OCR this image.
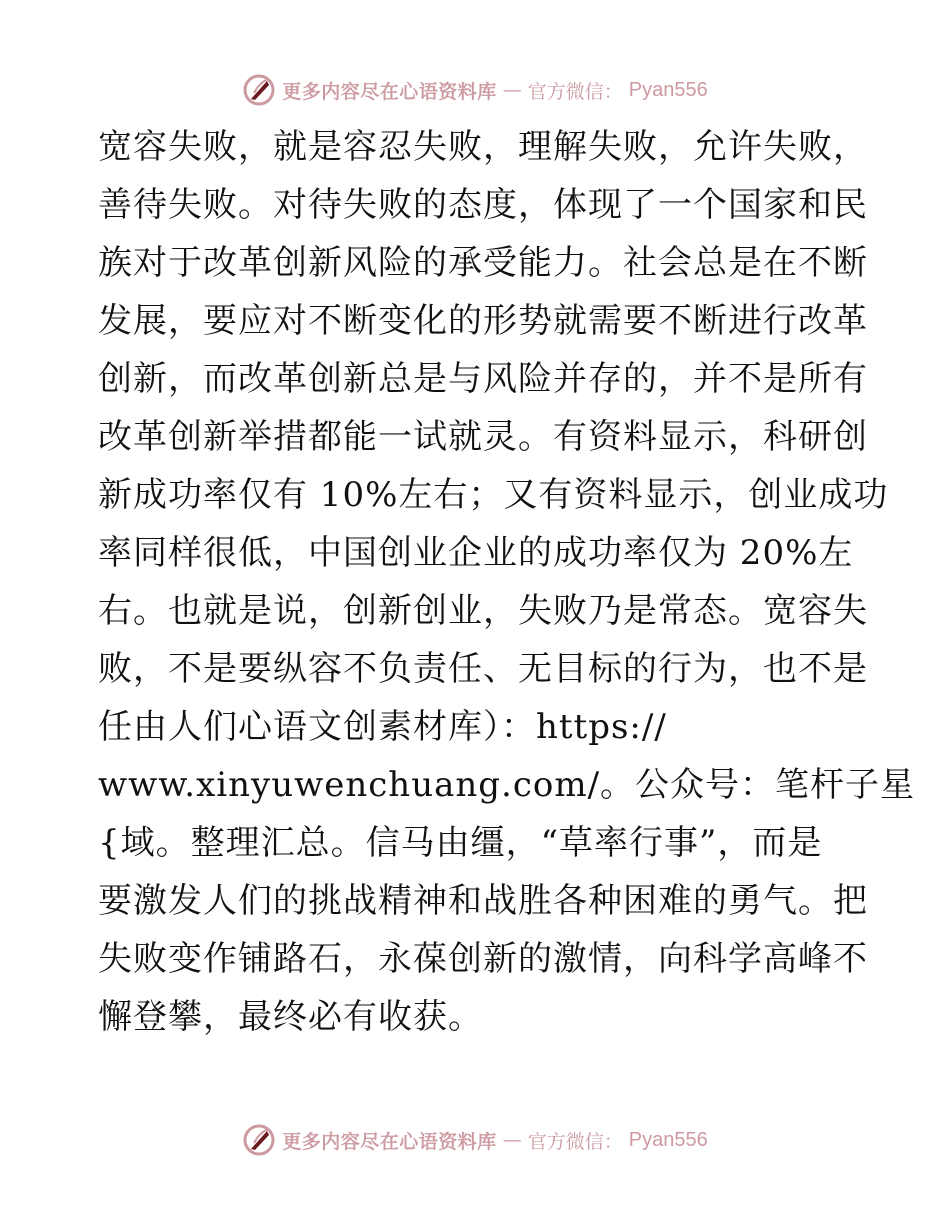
更多内容尽在心语资料库 — 官方微信： Pyan556
宽容失败，就是容忍失败，理解失败，允许失败，
善待失败。对待失败的态度，体现了一个国家和民
族对于改革创新风险的承受能力。社会总是在不断
发展，要应对不断变化的形势就需要不断进行改革
创新，而改革创新总是与风险并存的，并不是所有
改革创新举措都能一试就灵。有资料显示，科研创
新成功率仅有 10%左右；又有资料显示，创业成功
率同样很低，中国创业企业的成功率仅为 20%左
右。也就是说，创新创业，失败乃是常态。宽容失
败，不是要纵容不负责任、无目标的行为，也不是
任由人们心语文创素材库）：https://
www.xinyuwenchuang.com/。公众号：笔杆子星
{域。整理汇总。信马由缰，“草率行事”，而是
要激发人们的挑战精神和战胜各种困难的勇气。把
失败变作铺路石，永葆创新的激情，向科学高峰不
懈登攀，最终必有收获。
更多内容尽在心语资料库 — 官方微信： Pyan556
